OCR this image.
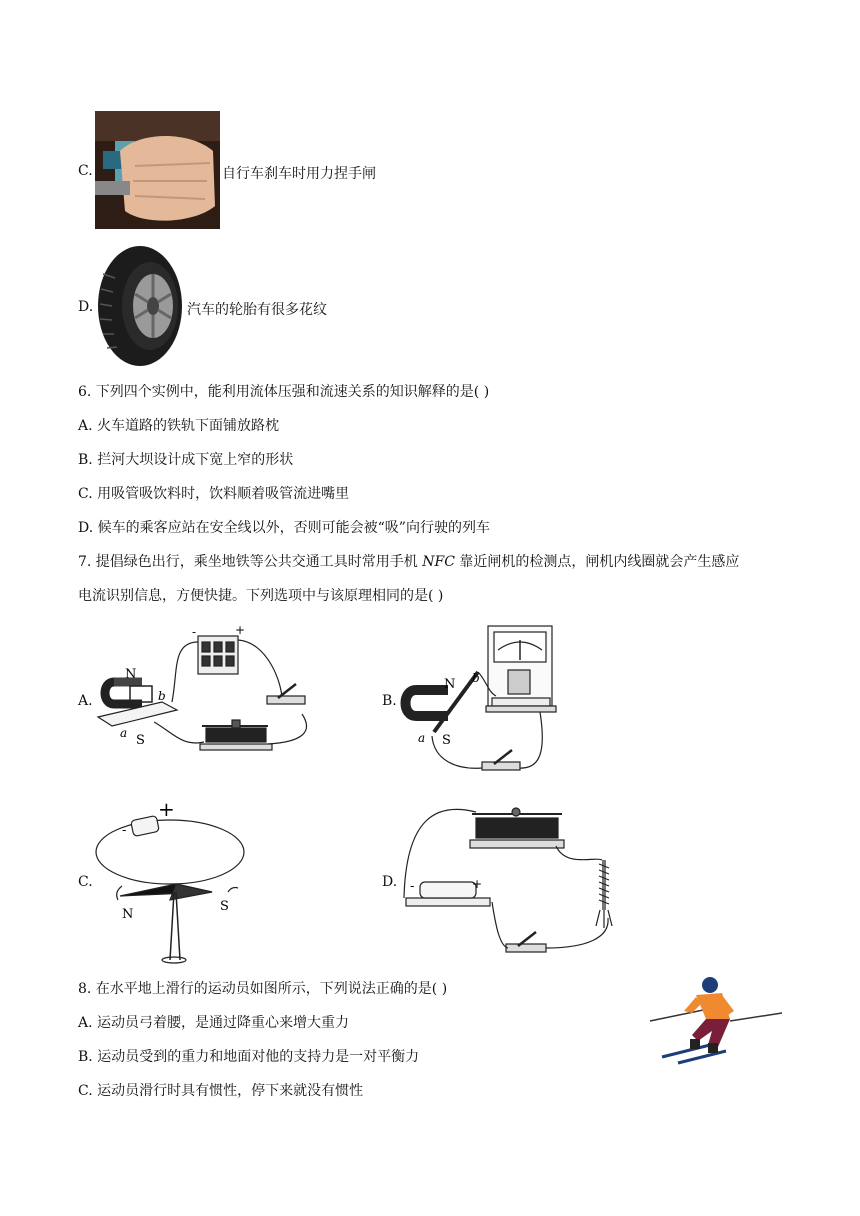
C.	自行车刹车时用力捏手闸
D.	汽车的轮胎有很多花纹
6. 下列四个实例中，能利用流体压强和流速关系的知识解释的是( )
A. 火车道路的铁轨下面铺放路枕
B. 拦河大坝设计成下宽上窄的形状
C. 用吸管吸饮料时，饮料顺着吸管流进嘴里
D. 候车的乘客应站在安全线以外，否则可能会被“吸”向行驶的列车
7. 提倡绿色出行，乘坐地铁等公共交通工具时常用手机 NFC 靠近闸机的检测点，闸机内线圈就会产生感应
电流识别信息，方便快捷。下列选项中与该原理相同的是( )
A.
N
b
a S
-	+
B.
N b
a S
C.
-
+
N
S
D. -	+
8. 在水平地上滑行的运动员如图所示，下列说法正确的是( )
A. 运动员弓着腰，是通过降重心来增大重力
B. 运动员受到的重力和地面对他的支持力是一对平衡力
C. 运动员滑行时具有惯性，停下来就没有惯性
